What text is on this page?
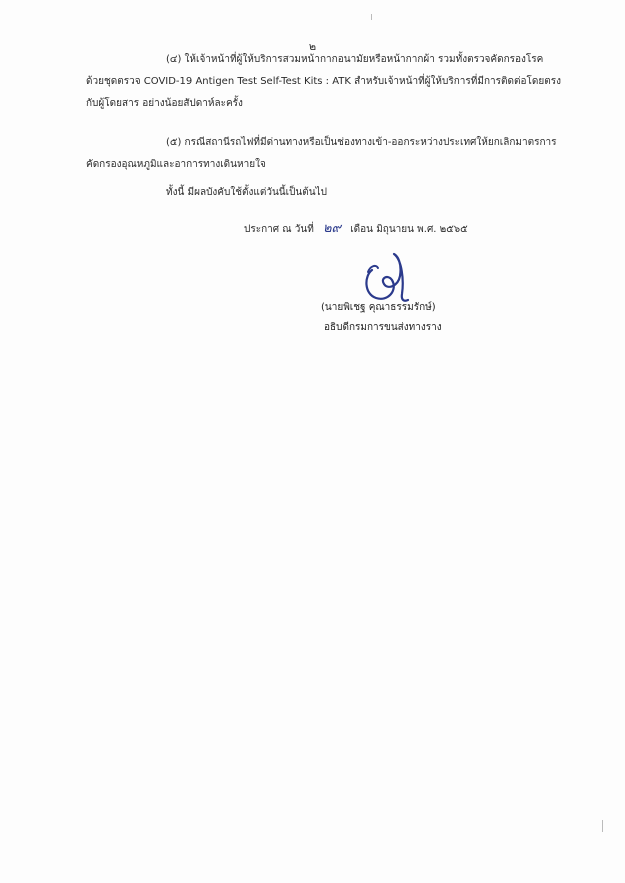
๒
(๔) ให้เจ้าหน้าที่ผู้ให้บริการสวมหน้ากากอนามัยหรือหน้ากากผ้า รวมทั้งตรวจคัดกรองโรค
ด้วยชุดตรวจ COVID-19 Antigen Test Self-Test Kits : ATK สำหรับเจ้าหน้าที่ผู้ให้บริการที่มีการติดต่อโดยตรง
กับผู้โดยสาร อย่างน้อยสัปดาห์ละครั้ง
(๕) กรณีสถานีรถไฟที่มีด่านทางหรือเป็นช่องทางเข้า-ออกระหว่างประเทศให้ยกเลิกมาตรการ
คัดกรองอุณหภูมิและอาการทางเดินหายใจ
ทั้งนี้ มีผลบังคับใช้ตั้งแต่วันนี้เป็นต้นไป
ประกาศ ณ วันที่ ๒๙ เดือน มิถุนายน พ.ศ. ๒๕๖๕
(นายพิเชฐ คุณาธรรมรักษ์)
อธิบดีกรมการขนส่งทางราง
